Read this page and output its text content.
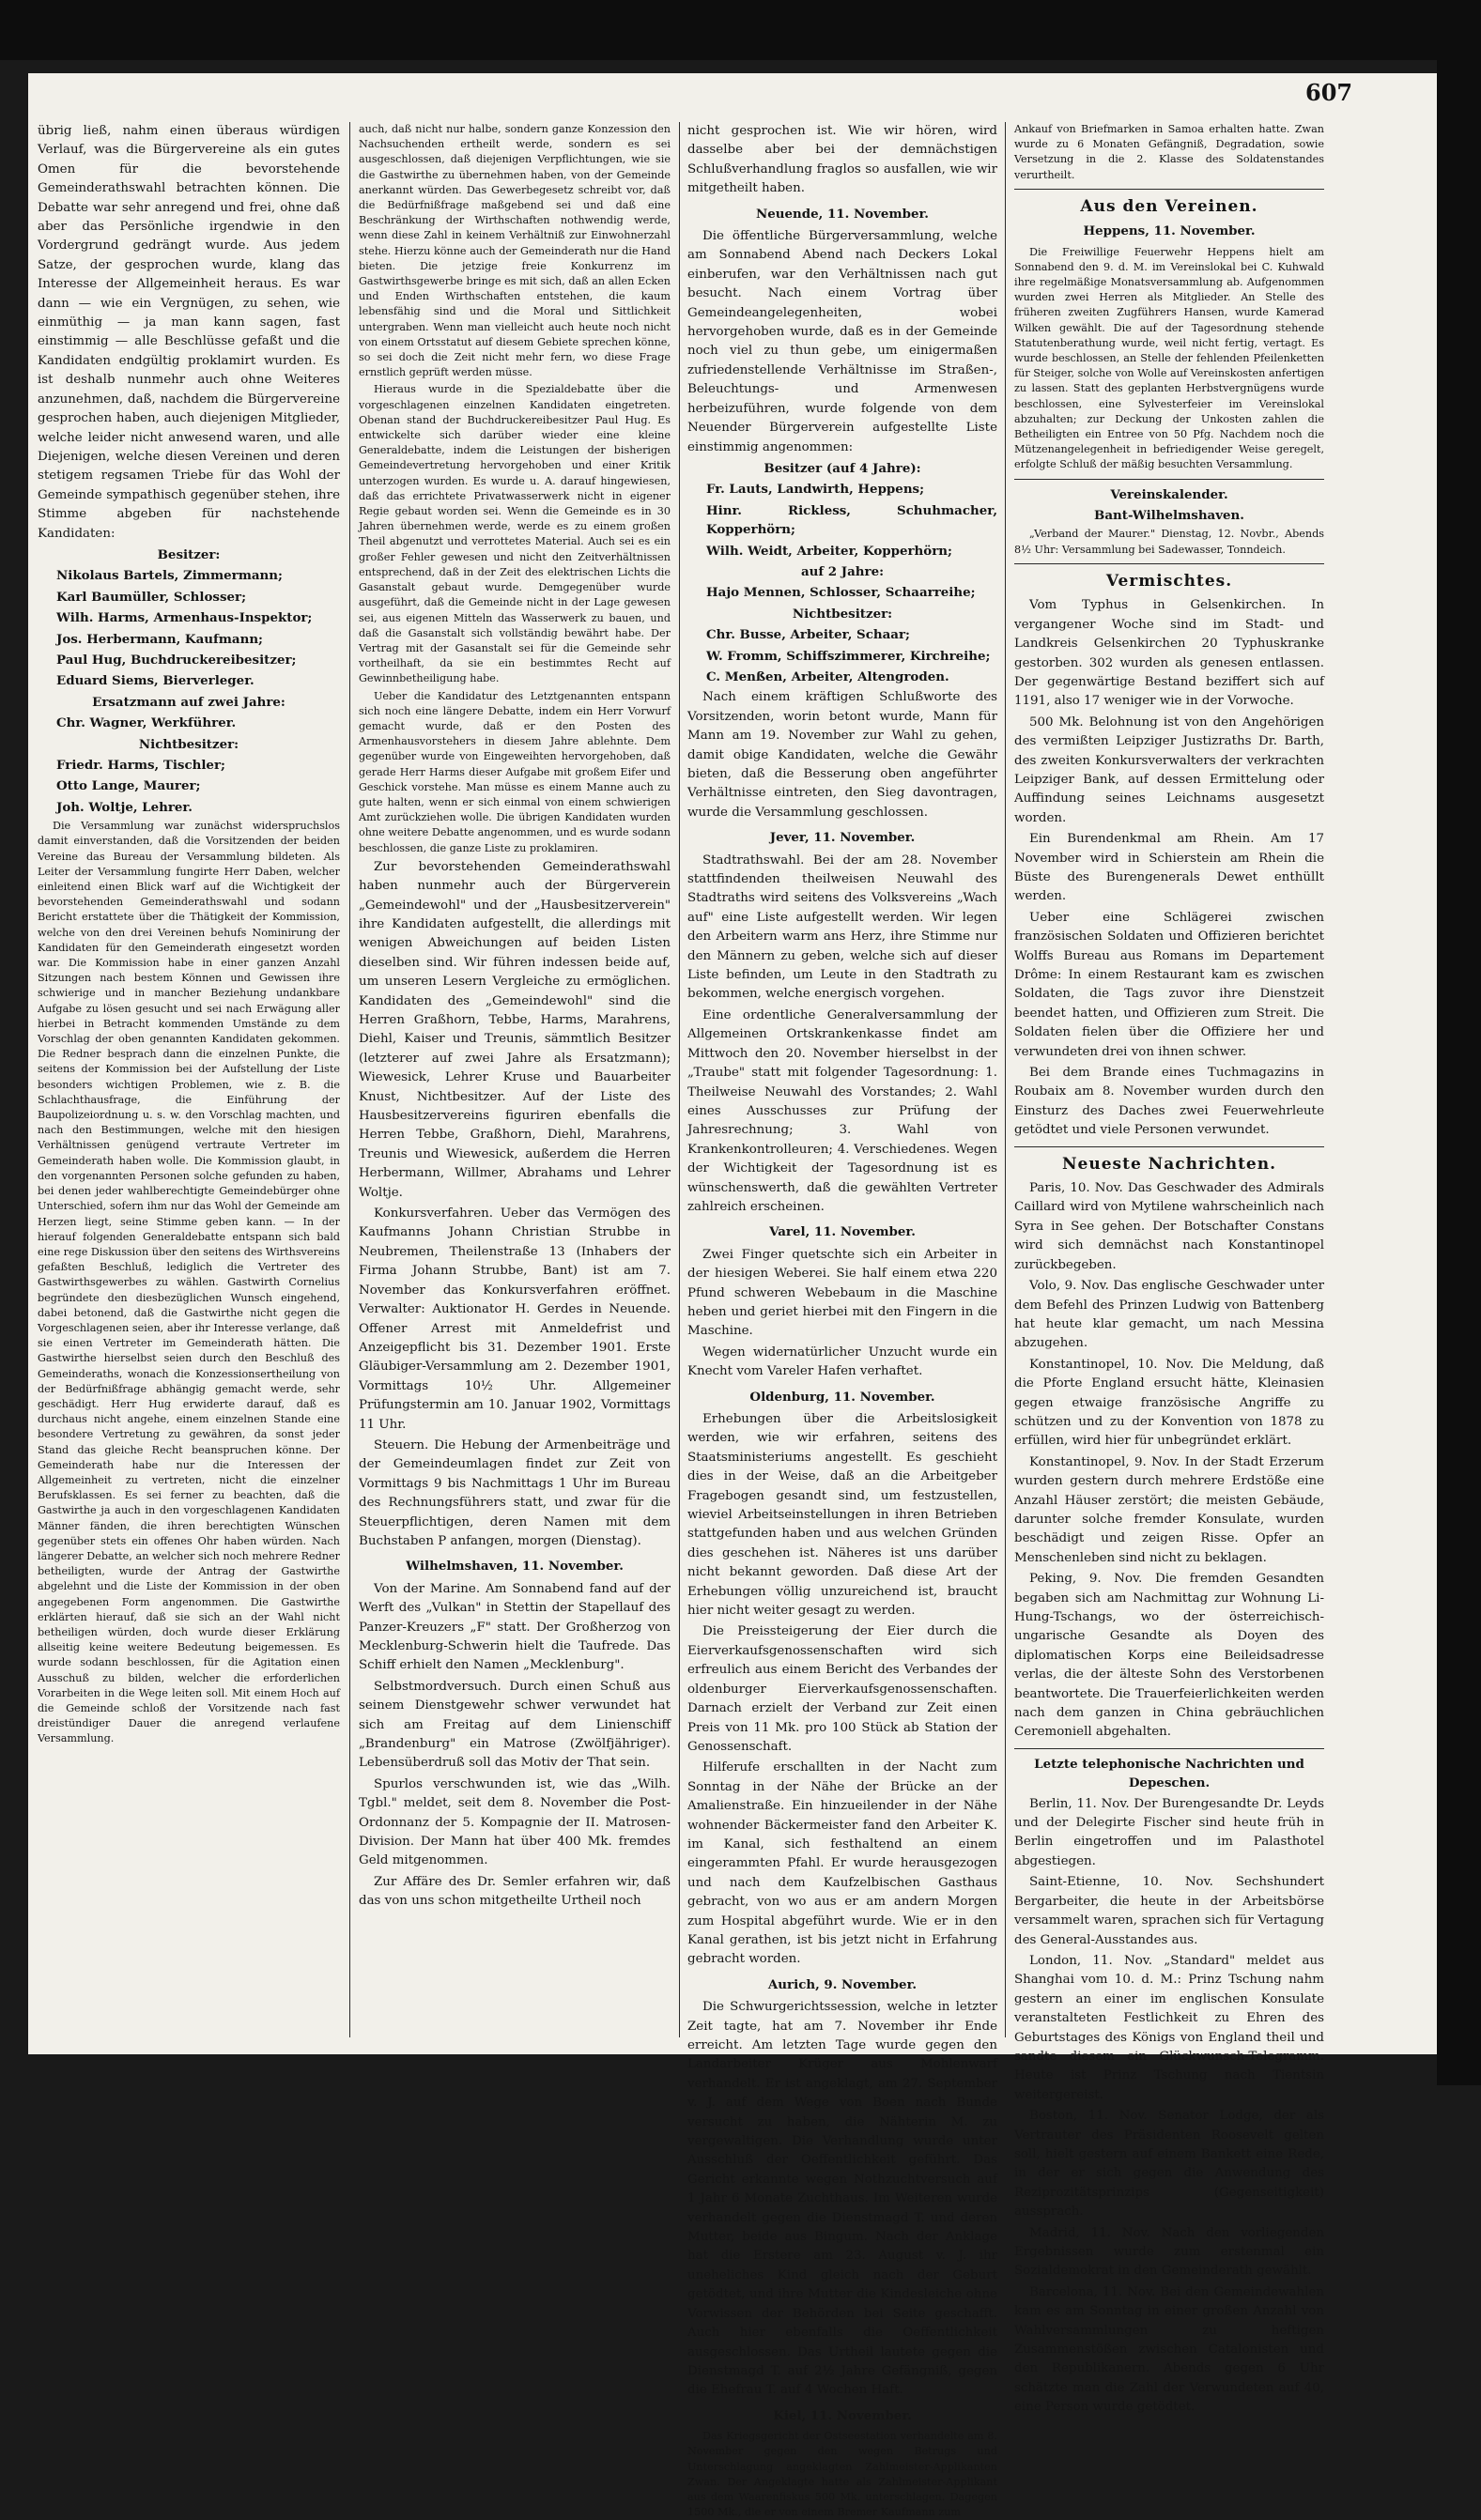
607

übrig ließ, nahm einen überaus würdigen Verlauf, was die Bürgervereine als ein gutes Omen für die bevorstehende Gemeinderathswahl betrachten können. Die Debatte war sehr anregend und frei, ohne daß aber das Persönliche irgendwie in den Vordergrund gedrängt wurde. Aus jedem Satze, der gesprochen wurde, klang das Interesse der Allgemeinheit heraus. Es war dann — wie ein Vergnügen, zu sehen, wie einmüthig — ja man kann sagen, fast einstimmig — alle Beschlüsse gefaßt und die Kandidaten endgültig proklamirt wurden. Es ist deshalb nunmehr auch ohne Weiteres anzunehmen, daß, nachdem die Bürgervereine gesprochen haben, auch diejenigen Mitglieder, welche leider nicht anwesend waren, und alle Diejenigen, welche diesen Vereinen und deren stetigem regsamen Triebe für das Wohl der Gemeinde sympathisch gegenüber stehen, ihre Stimme abgeben für nachstehende Kandidaten:

Besitzer:

Nikolaus Bartels, Zimmermann;

Karl Baumüller, Schlosser;

Wilh. Harms, Armenhaus-Inspektor;

Jos. Herbermann, Kaufmann;

Paul Hug, Buchdruckereibesitzer;

Eduard Siems, Bierverleger.

Ersatzmann auf zwei Jahre:

Chr. Wagner, Werkführer.

Nichtbesitzer:

Friedr. Harms, Tischler;

Otto Lange, Maurer;

Joh. Woltje, Lehrer.

Die Versammlung war zunächst widerspruchslos damit einverstanden, daß die Vorsitzenden der beiden Vereine das Bureau der Versammlung bildeten. Als Leiter der Versammlung fungirte Herr Daben, welcher einleitend einen Blick warf auf die Wichtigkeit der bevorstehenden Gemeinderathswahl und sodann Bericht erstattete über die Thätigkeit der Kommission, welche von den drei Vereinen behufs Nominirung der Kandidaten für den Gemeinderath eingesetzt worden war. Die Kommission habe in einer ganzen Anzahl Sitzungen nach bestem Können und Gewissen ihre schwierige und in mancher Beziehung undankbare Aufgabe zu lösen gesucht und sei nach Erwägung aller hierbei in Betracht kommenden Umstände zu dem Vorschlag der oben genannten Kandidaten gekommen. Die Redner besprach dann die einzelnen Punkte, die seitens der Kommission bei der Aufstellung der Liste besonders wichtigen Problemen, wie z. B. die Schlachthausfrage, die Einführung der Baupolizeiordnung u. s. w. den Vorschlag machten, und nach den Bestimmungen, welche mit den hiesigen Verhältnissen genügend vertraute Vertreter im Gemeinderath haben wolle. Die Kommission glaubt, in den vorgenannten Personen solche gefunden zu haben, bei denen jeder wahlberechtigte Gemeindebürger ohne Unterschied, sofern ihm nur das Wohl der Gemeinde am Herzen liegt, seine Stimme geben kann. — In der hierauf folgenden Generaldebatte entspann sich bald eine rege Diskussion über den seitens des Wirthsvereins gefaßten Beschluß, lediglich die Vertreter des Gastwirthsgewerbes zu wählen. Gastwirth Cornelius begründete den diesbezüglichen Wunsch eingehend, dabei betonend, daß die Gastwirthe nicht gegen die Vorgeschlagenen seien, aber ihr Interesse verlange, daß sie einen Vertreter im Gemeinderath hätten. Die Gastwirthe hierselbst seien durch den Beschluß des Gemeinderaths, wonach die Konzessionsertheilung von der Bedürfnißfrage abhängig gemacht werde, sehr geschädigt. Herr Hug erwiderte darauf, daß es durchaus nicht angehe, einem einzelnen Stande eine besondere Vertretung zu gewähren, da sonst jeder Stand das gleiche Recht beanspruchen könne. Der Gemeinderath habe nur die Interessen der Allgemeinheit zu vertreten, nicht die einzelner Berufsklassen. Es sei ferner zu beachten, daß die Gastwirthe ja auch in den vorgeschlagenen Kandidaten Männer fänden, die ihren berechtigten Wünschen gegenüber stets ein offenes Ohr haben würden. Nach längerer Debatte, an welcher sich noch mehrere Redner betheiligten, wurde der Antrag der Gastwirthe abgelehnt und die Liste der Kommission in der oben angegebenen Form angenommen. Die Gastwirthe erklärten hierauf, daß sie sich an der Wahl nicht betheiligen würden, doch wurde dieser Erklärung allseitig keine weitere Bedeutung beigemessen. Es wurde sodann beschlossen, für die Agitation einen Ausschuß zu bilden, welcher die erforderlichen Vorarbeiten in die Wege leiten soll. Mit einem Hoch auf die Gemeinde schloß der Vorsitzende nach fast dreistündiger Dauer die anregend verlaufene Versammlung.

auch, daß nicht nur halbe, sondern ganze Konzession den Nachsuchenden ertheilt werde, sondern es sei ausgeschlossen, daß diejenigen Verpflichtungen, wie sie die Gastwirthe zu übernehmen haben, von der Gemeinde anerkannt würden. Das Gewerbegesetz schreibt vor, daß die Bedürfnißfrage maßgebend sei und daß eine Beschränkung der Wirthschaften nothwendig werde, wenn diese Zahl in keinem Verhältniß zur Einwohnerzahl stehe. Hierzu könne auch der Gemeinderath nur die Hand bieten. Die jetzige freie Konkurrenz im Gastwirthsgewerbe bringe es mit sich, daß an allen Ecken und Enden Wirthschaften entstehen, die kaum lebensfähig sind und die Moral und Sittlichkeit untergraben. Wenn man vielleicht auch heute noch nicht von einem Ortsstatut auf diesem Gebiete sprechen könne, so sei doch die Zeit nicht mehr fern, wo diese Frage ernstlich geprüft werden müsse.

Hieraus wurde in die Spezialdebatte über die vorgeschlagenen einzelnen Kandidaten eingetreten. Obenan stand der Buchdruckereibesitzer Paul Hug. Es entwickelte sich darüber wieder eine kleine Generaldebatte, indem die Leistungen der bisherigen Gemeindevertretung hervorgehoben und einer Kritik unterzogen wurden. Es wurde u. A. darauf hingewiesen, daß das errichtete Privatwasserwerk nicht in eigener Regie gebaut worden sei. Wenn die Gemeinde es in 30 Jahren übernehmen werde, werde es zu einem großen Theil abgenutzt und verrottetes Material. Auch sei es ein großer Fehler gewesen und nicht den Zeitverhältnissen entsprechend, daß in der Zeit des elektrischen Lichts die Gasanstalt gebaut wurde. Demgegenüber wurde ausgeführt, daß die Gemeinde nicht in der Lage gewesen sei, aus eigenen Mitteln das Wasserwerk zu bauen, und daß die Gasanstalt sich vollständig bewährt habe. Der Vertrag mit der Gasanstalt sei für die Gemeinde sehr vortheilhaft, da sie ein bestimmtes Recht auf Gewinnbetheiligung habe.

Ueber die Kandidatur des Letztgenannten entspann sich noch eine längere Debatte, indem ein Herr Vorwurf gemacht wurde, daß er den Posten des Armenhausvorstehers in diesem Jahre ablehnte. Dem gegenüber wurde von Eingeweihten hervorgehoben, daß gerade Herr Harms dieser Aufgabe mit großem Eifer und Geschick vorstehe. Man müsse es einem Manne auch zu gute halten, wenn er sich einmal von einem schwierigen Amt zurückziehen wolle. Die übrigen Kandidaten wurden ohne weitere Debatte angenommen, und es wurde sodann beschlossen, die ganze Liste zu proklamiren.

Zur bevorstehenden Gemeinderathswahl haben nunmehr auch der Bürgerverein „Gemeindewohl" und der „Hausbesitzerverein" ihre Kandidaten aufgestellt, die allerdings mit wenigen Abweichungen auf beiden Listen dieselben sind. Wir führen indessen beide auf, um unseren Lesern Vergleiche zu ermöglichen. Kandidaten des „Gemeindewohl" sind die Herren Graßhorn, Tebbe, Harms, Marahrens, Diehl, Kaiser und Treunis, sämmtlich Besitzer (letzterer auf zwei Jahre als Ersatzmann); Wiewesick, Lehrer Kruse und Bauarbeiter Knust, Nichtbesitzer. Auf der Liste des Hausbesitzervereins figuriren ebenfalls die Herren Tebbe, Graßhorn, Diehl, Marahrens, Treunis und Wiewesick, außerdem die Herren Herbermann, Willmer, Abrahams und Lehrer Woltje.

Konkursverfahren. Ueber das Vermögen des Kaufmanns Johann Christian Strubbe in Neubremen, Theilenstraße 13 (Inhabers der Firma Johann Strubbe, Bant) ist am 7. November das Konkursverfahren eröffnet. Verwalter: Auktionator H. Gerdes in Neuende. Offener Arrest mit Anmeldefrist und Anzeigepflicht bis 31. Dezember 1901. Erste Gläubiger-Versammlung am 2. Dezember 1901, Vormittags 10½ Uhr. Allgemeiner Prüfungstermin am 10. Januar 1902, Vormittags 11 Uhr.

Steuern. Die Hebung der Armenbeiträge und der Gemeindeumlagen findet zur Zeit von Vormittags 9 bis Nachmittags 1 Uhr im Bureau des Rechnungsführers statt, und zwar für die Steuerpflichtigen, deren Namen mit dem Buchstaben P anfangen, morgen (Dienstag).

Wilhelmshaven, 11. November.

Von der Marine. Am Sonnabend fand auf der Werft des „Vulkan" in Stettin der Stapellauf des Panzer-Kreuzers „F" statt. Der Großherzog von Mecklenburg-Schwerin hielt die Taufrede. Das Schiff erhielt den Namen „Mecklenburg".

Selbstmordversuch. Durch einen Schuß aus seinem Dienstgewehr schwer verwundet hat sich am Freitag auf dem Linienschiff „Brandenburg" ein Matrose (Zwölfjähriger). Lebensüberdruß soll das Motiv der That sein.

Spurlos verschwunden ist, wie das „Wilh. Tgbl." meldet, seit dem 8. November die Post-Ordonnanz der 5. Kompagnie der II. Matrosen-Division. Der Mann hat über 400 Mk. fremdes Geld mitgenommen.

Zur Affäre des Dr. Semler erfahren wir, daß das von uns schon mitgetheilte Urtheil noch

nicht gesprochen ist. Wie wir hören, wird dasselbe aber bei der demnächstigen Schlußverhandlung fraglos so ausfallen, wie wir mitgetheilt haben.

Neuende, 11. November.

Die öffentliche Bürgerversammlung, welche am Sonnabend Abend nach Deckers Lokal einberufen, war den Verhältnissen nach gut besucht. Nach einem Vortrag über Gemeindeangelegenheiten, wobei hervorgehoben wurde, daß es in der Gemeinde noch viel zu thun gebe, um einigermaßen zufriedenstellende Verhältnisse im Straßen-, Beleuchtungs- und Armenwesen herbeizuführen, wurde folgende von dem Neuender Bürgerverein aufgestellte Liste einstimmig angenommen:

Besitzer (auf 4 Jahre):

Fr. Lauts, Landwirth, Heppens;

Hinr. Rickless, Schuhmacher, Kopperhörn;

Wilh. Weidt, Arbeiter, Kopperhörn;

auf 2 Jahre:

Hajo Mennen, Schlosser, Schaarreihe;

Nichtbesitzer:

Chr. Busse, Arbeiter, Schaar;

W. Fromm, Schiffszimmerer, Kirchreihe;

C. Menßen, Arbeiter, Altengroden.

Nach einem kräftigen Schlußworte des Vorsitzenden, worin betont wurde, Mann für Mann am 19. November zur Wahl zu gehen, damit obige Kandidaten, welche die Gewähr bieten, daß die Besserung oben angeführter Verhältnisse eintreten, den Sieg davontragen, wurde die Versammlung geschlossen.

Jever, 11. November.

Stadtrathswahl. Bei der am 28. November stattfindenden theilweisen Neuwahl des Stadtraths wird seitens des Volksvereins „Wach auf" eine Liste aufgestellt werden. Wir legen den Arbeitern warm ans Herz, ihre Stimme nur den Männern zu geben, welche sich auf dieser Liste befinden, um Leute in den Stadtrath zu bekommen, welche energisch vorgehen.

Eine ordentliche Generalversammlung der Allgemeinen Ortskrankenkasse findet am Mittwoch den 20. November hierselbst in der „Traube" statt mit folgender Tagesordnung: 1. Theilweise Neuwahl des Vorstandes; 2. Wahl eines Ausschusses zur Prüfung der Jahresrechnung; 3. Wahl von Krankenkontrolleuren; 4. Verschiedenes. Wegen der Wichtigkeit der Tagesordnung ist es wünschenswerth, daß die gewählten Vertreter zahlreich erscheinen.

Varel, 11. November.

Zwei Finger quetschte sich ein Arbeiter in der hiesigen Weberei. Sie half einem etwa 220 Pfund schweren Webebaum in die Maschine heben und geriet hierbei mit den Fingern in die Maschine.

Wegen widernatürlicher Unzucht wurde ein Knecht vom Vareler Hafen verhaftet.

Oldenburg, 11. November.

Erhebungen über die Arbeitslosigkeit werden, wie wir erfahren, seitens des Staatsministeriums angestellt. Es geschieht dies in der Weise, daß an die Arbeitgeber Fragebogen gesandt sind, um festzustellen, wieviel Arbeitseinstellungen in ihren Betrieben stattgefunden haben und aus welchen Gründen dies geschehen ist. Näheres ist uns darüber nicht bekannt geworden. Daß diese Art der Erhebungen völlig unzureichend ist, braucht hier nicht weiter gesagt zu werden.

Die Preissteigerung der Eier durch die Eierverkaufsgenossenschaften wird sich erfreulich aus einem Bericht des Verbandes der oldenburger Eierverkaufsgenossenschaften. Darnach erzielt der Verband zur Zeit einen Preis von 11 Mk. pro 100 Stück ab Station der Genossenschaft.

Hilferufe erschallten in der Nacht zum Sonntag in der Nähe der Brücke an der Amalienstraße. Ein hinzueilender in der Nähe wohnender Bäckermeister fand den Arbeiter K. im Kanal, sich festhaltend an einem eingerammten Pfahl. Er wurde herausgezogen und nach dem Kaufzelbischen Gasthaus gebracht, von wo aus er am andern Morgen zum Hospital abgeführt wurde. Wie er in den Kanal gerathen, ist bis jetzt nicht in Erfahrung gebracht worden.

Aurich, 9. November.

Die Schwurgerichtssession, welche in letzter Zeit tagte, hat am 7. November ihr Ende erreicht. Am letzten Tage wurde gegen den Landarbeiter Krüger aus Mohlenwarf verhandelt. Er ist angeklagt, am 27. September v. J. auf dem Wege von Boen nach Bunde versucht zu haben, die Nähterin M. zu vergewaltigen. Die Verhandlung wurde unter Ausschluß der Oeffentlichkeit geführt. Das Gericht erkannte wegen Nothzuchtversuch auf 1 Jahr 6 Monate Zuchthaus. Im Weiteren wurde verhandelt gegen die Dienstmagd T. und deren Mutter, beide aus Bingum. Nach der Anklage hat die Erstere am 23. August v. J. ihr uneheliches Kind gleich nach der Geburt getödtet, und ihre Mutter die Kindesleiche ohne Vorwissen der Behörden bei Seite geschafft. Auch hier ebenfalls die Oeffentlichkeit ausgeschlossen. Das Urtheil lautete gegen die Dienstmagd T. auf 2½ Jahre Gefängniß, gegen die Ehefrau T. auf 4 Wochen Haft.

Kiel, 11. November.

Das Kriegsgericht der Ostseestation verhandelte am 8. November gegen den wegen Betrugs und Unterschlagung angeklagten Zahlmeister-Applikanten Zwan. Der Angeklagte hatte als Zahlmeister-Applikant aus dem Waarenfiskus 500 Mk. unterschlagen. Dagegen 1500 Mk., die er von einem Bremer Kaufmann zum

Ankauf von Briefmarken in Samoa erhalten hatte. Zwan wurde zu 6 Monaten Gefängniß, Degradation, sowie Versetzung in die 2. Klasse des Soldatenstandes verurtheilt.

Aus den Vereinen.

Heppens, 11. November.

Die Freiwillige Feuerwehr Heppens hielt am Sonnabend den 9. d. M. im Vereinslokal bei C. Kuhwald ihre regelmäßige Monatsversammlung ab. Aufgenommen wurden zwei Herren als Mitglieder. An Stelle des früheren zweiten Zugführers Hansen, wurde Kamerad Wilken gewählt. Die auf der Tagesordnung stehende Statutenberathung wurde, weil nicht fertig, vertagt. Es wurde beschlossen, an Stelle der fehlenden Pfeilenketten für Steiger, solche von Wolle auf Vereinskosten anfertigen zu lassen. Statt des geplanten Herbstvergnügens wurde beschlossen, eine Sylvesterfeier im Vereinslokal abzuhalten; zur Deckung der Unkosten zahlen die Betheiligten ein Entree von 50 Pfg. Nachdem noch die Mützenangelegenheit in befriedigender Weise geregelt, erfolgte Schluß der mäßig besuchten Versammlung.

Vereinskalender.

Bant-Wilhelmshaven.

„Verband der Maurer." Dienstag, 12. Novbr., Abends 8½ Uhr: Versammlung bei Sadewasser, Tonndeich.

Vermischtes.

Vom Typhus in Gelsenkirchen. In vergangener Woche sind im Stadt- und Landkreis Gelsenkirchen 20 Typhuskranke gestorben. 302 wurden als genesen entlassen. Der gegenwärtige Bestand beziffert sich auf 1191, also 17 weniger wie in der Vorwoche.

500 Mk. Belohnung ist von den Angehörigen des vermißten Leipziger Justizraths Dr. Barth, des zweiten Konkursverwalters der verkrachten Leipziger Bank, auf dessen Ermittelung oder Auffindung seines Leichnams ausgesetzt worden.

Ein Burendenkmal am Rhein. Am 17 November wird in Schierstein am Rhein die Büste des Burengenerals Dewet enthüllt werden.

Ueber eine Schlägerei zwischen französischen Soldaten und Offizieren berichtet Wolffs Bureau aus Romans im Departement Drôme: In einem Restaurant kam es zwischen Soldaten, die Tags zuvor ihre Dienstzeit beendet hatten, und Offizieren zum Streit. Die Soldaten fielen über die Offiziere her und verwundeten drei von ihnen schwer.

Bei dem Brande eines Tuchmagazins in Roubaix am 8. November wurden durch den Einsturz des Daches zwei Feuerwehrleute getödtet und viele Personen verwundet.

Neueste Nachrichten.

Paris, 10. Nov. Das Geschwader des Admirals Caillard wird von Mytilene wahrscheinlich nach Syra in See gehen. Der Botschafter Constans wird sich demnächst nach Konstantinopel zurückbegeben.

Volo, 9. Nov. Das englische Geschwader unter dem Befehl des Prinzen Ludwig von Battenberg hat heute klar gemacht, um nach Messina abzugehen.

Konstantinopel, 10. Nov. Die Meldung, daß die Pforte England ersucht hätte, Kleinasien gegen etwaige französische Angriffe zu schützen und zu der Konvention von 1878 zu erfüllen, wird hier für unbegründet erklärt.

Konstantinopel, 9. Nov. In der Stadt Erzerum wurden gestern durch mehrere Erdstöße eine Anzahl Häuser zerstört; die meisten Gebäude, darunter solche fremder Konsulate, wurden beschädigt und zeigen Risse. Opfer an Menschenleben sind nicht zu beklagen.

Peking, 9. Nov. Die fremden Gesandten begaben sich am Nachmittag zur Wohnung Li-Hung-Tschangs, wo der österreichisch-ungarische Gesandte als Doyen des diplomatischen Korps eine Beileidsadresse verlas, die der älteste Sohn des Verstorbenen beantwortete. Die Trauerfeierlichkeiten werden nach dem ganzen in China gebräuchlichen Ceremoniell abgehalten.

Letzte telephonische Nachrichten und Depeschen.

Berlin, 11. Nov. Der Burengesandte Dr. Leyds und der Delegirte Fischer sind heute früh in Berlin eingetroffen und im Palasthotel abgestiegen.

Saint-Etienne, 10. Nov. Sechshundert Bergarbeiter, die heute in der Arbeitsbörse versammelt waren, sprachen sich für Vertagung des General-Ausstandes aus.

London, 11. Nov. „Standard" meldet aus Shanghai vom 10. d. M.: Prinz Tschung nahm gestern an einer im englischen Konsulate veranstalteten Festlichkeit zu Ehren des Geburtstages des Königs von England theil und sandte diesem ein Glückwunsch-Telegramm. Heute ist Prinz Tschung nach Tientsin weitergereist.

Boston, 11. Nov. Senator Lodge, der als Vertrauter des Präsidenten Roosevelt gelten soll, hielt gestern auf einem Bankett eine Rede, in der er sich gegen die Anwendung des Reziprozitätsprinzips (Gegenseitigkeit) aussprach.

Madrid, 11. Nov. Nach den vorliegenden Ergebnissen wurde zum erstenmal ein Sozialdemokrat in den Gemeinderath gewählt.

Barcelona, 11. Nov. Bei den Gemeindewahlen kam es am Sonntag in einer großen Anzahl von Wahlversammlungen zu heftigen Zusammenstößen zwischen Catalonisten und den Republikanern. Abends gegen 6 Uhr schätzte man die Zahl der Verwundeten auf 40, eine Person wurde getödtet.
